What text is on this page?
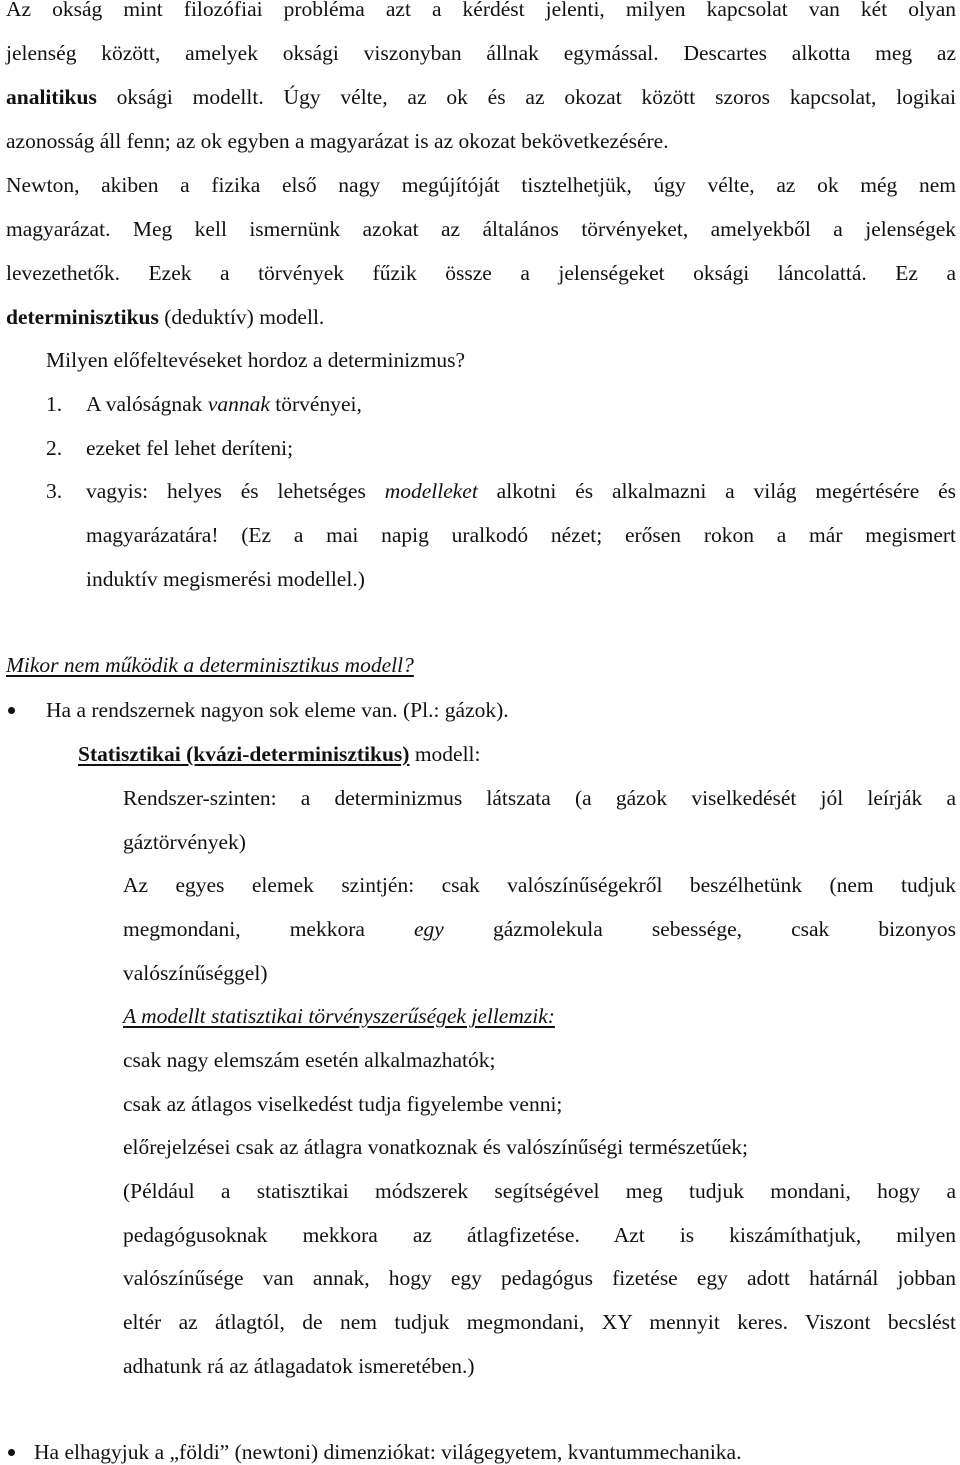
Az okság mint filozófiai probléma azt a kérdést jelenti, milyen kapcsolat van két olyan
jelenség között, amelyek oksági viszonyban állnak egymással. Descartes alkotta meg az
analitikus oksági modellt. Úgy vélte, az ok és az okozat között szoros kapcsolat, logikai
azonosság áll fenn; az ok egyben a magyarázat is az okozat bekövetkezésére.
Newton, akiben a fizika első nagy megújítóját tisztelhetjük, úgy vélte, az ok még nem
magyarázat. Meg kell ismernünk azokat az általános törvényeket, amelyekből a jelenségek
levezethetők. Ezek a törvények fűzik össze a jelenségeket oksági láncolattá. Ez a
determinisztikus (deduktív) modell.
Milyen előfeltevéseket hordoz a determinizmus?
1. A valóságnak vannak törvényei,
2. ezeket fel lehet deríteni;
3. vagyis: helyes és lehetséges modelleket alkotni és alkalmazni a világ megértésére és
magyarázatára! (Ez a mai napig uralkodó nézet; erősen rokon a már megismert
induktív megismerési modellel.)
Mikor nem működik a determinisztikus modell?
Ha a rendszernek nagyon sok eleme van. (Pl.: gázok).
Statisztikai (kvázi-determinisztikus) modell:
Rendszer-szinten: a determinizmus látszata (a gázok viselkedését jól leírják a
gáztörvények)
Az egyes elemek szintjén: csak valószínűségekről beszélhetünk (nem tudjuk
megmondani, mekkora egy gázmolekula sebessége, csak bizonyos
valószínűséggel)
A modellt statisztikai törvényszerűségek jellemzik:
csak nagy elemszám esetén alkalmazhatók;
csak az átlagos viselkedést tudja figyelembe venni;
előrejelzései csak az átlagra vonatkoznak és valószínűségi természetűek;
(Például a statisztikai módszerek segítségével meg tudjuk mondani, hogy a
pedagógusoknak mekkora az átlagfizetése. Azt is kiszámíthatjuk, milyen
valószínűsége van annak, hogy egy pedagógus fizetése egy adott határnál jobban
eltér az átlagtól, de nem tudjuk megmondani, XY mennyit keres. Viszont becslést
adhatunk rá az átlagadatok ismeretében.)
Ha elhagyjuk a „földi” (newtoni) dimenziókat: világegyetem, kvantummechanika.
